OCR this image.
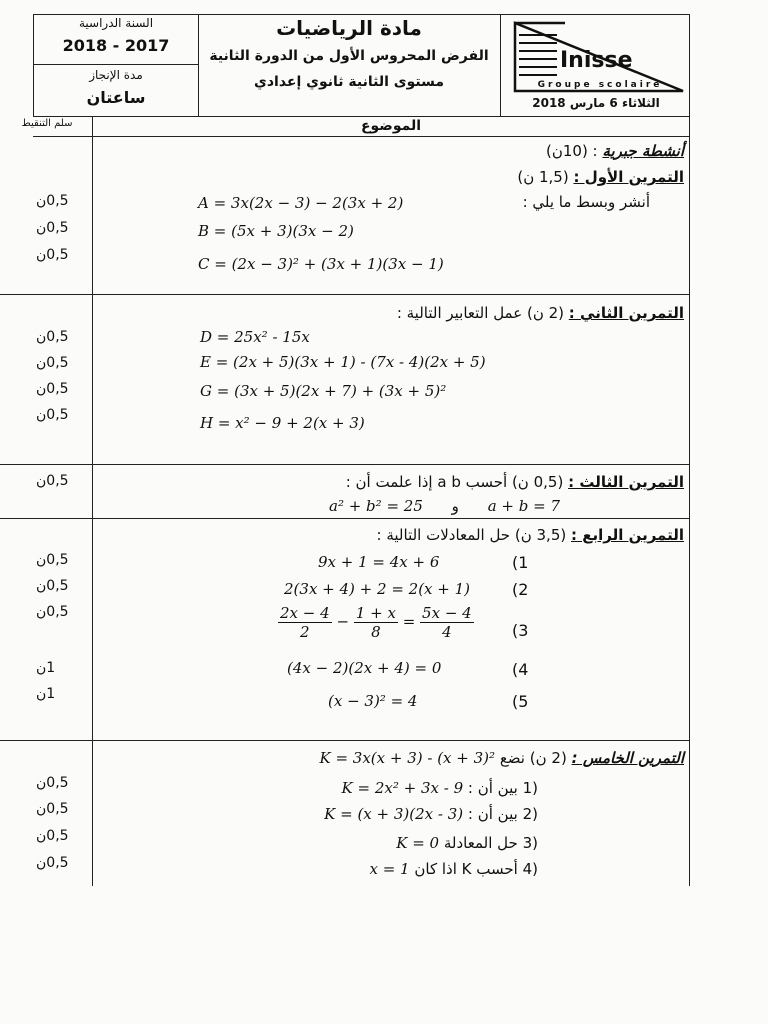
السنة الدراسية
2018 - 2017
مدة الإنجاز
ساعتان
مادة الرياضيات
الفرض المحروس الأول من الدورة الثانية
مستوى الثانية ثانوي إعدادي
Inisse
Groupe scolaire
الثلاثاء 6 مارس 2018
سلم التنقيط	الموضوع
أنشطة جبرية : (10ن)
التمرين الأول : (1,5 ن)
أنشر وبسط ما يلي :
A = 3x(2x − 3) − 2(3x + 2)
B = (5x + 3)(3x − 2)
C = (2x − 3)² + (3x + 1)(3x − 1)
0,5ن
0,5ن
0,5ن
التمرين الثاني : (2 ن) عمل التعابير التالية :
D = 25x² - 15x
E = (2x + 5)(3x + 1) - (7x - 4)(2x + 5)
G = (3x + 5)(2x + 7) + (3x + 5)²
H = x² − 9 + 2(x + 3)
0,5ن
0,5ن
0,5ن
0,5ن
التمرين الثالث : (0,5 ن) أحسب a b إذا علمت أن :
a + b = 7 و a² + b² = 25
0,5ن
التمرين الرابع : (3,5 ن) حل المعادلات التالية :
(1
(2
(3
(4
(5
9x + 1 = 4x + 6
2(3x + 4) + 2 = 2(x + 1)
$\frac{2x - 4}{2} - \frac{1 + x}{8} = \frac{5x - 4}{4}$
(4x − 2)(2x + 4) = 0
(x − 3)² = 4
0,5ن
0,5ن
0,5ن
1ن
1ن
التمرين الخامس : (2 ن) نضع K = 3x(x + 3) - (x + 3)²
(1 بين أن : K = 2x² + 3x - 9
(2 بين أن : K = (x + 3)(2x - 3)
(3 حل المعادلة K = 0
(4 أحسب K اذا كان x = 1
0,5ن
0,5ن
0,5ن
0,5ن
